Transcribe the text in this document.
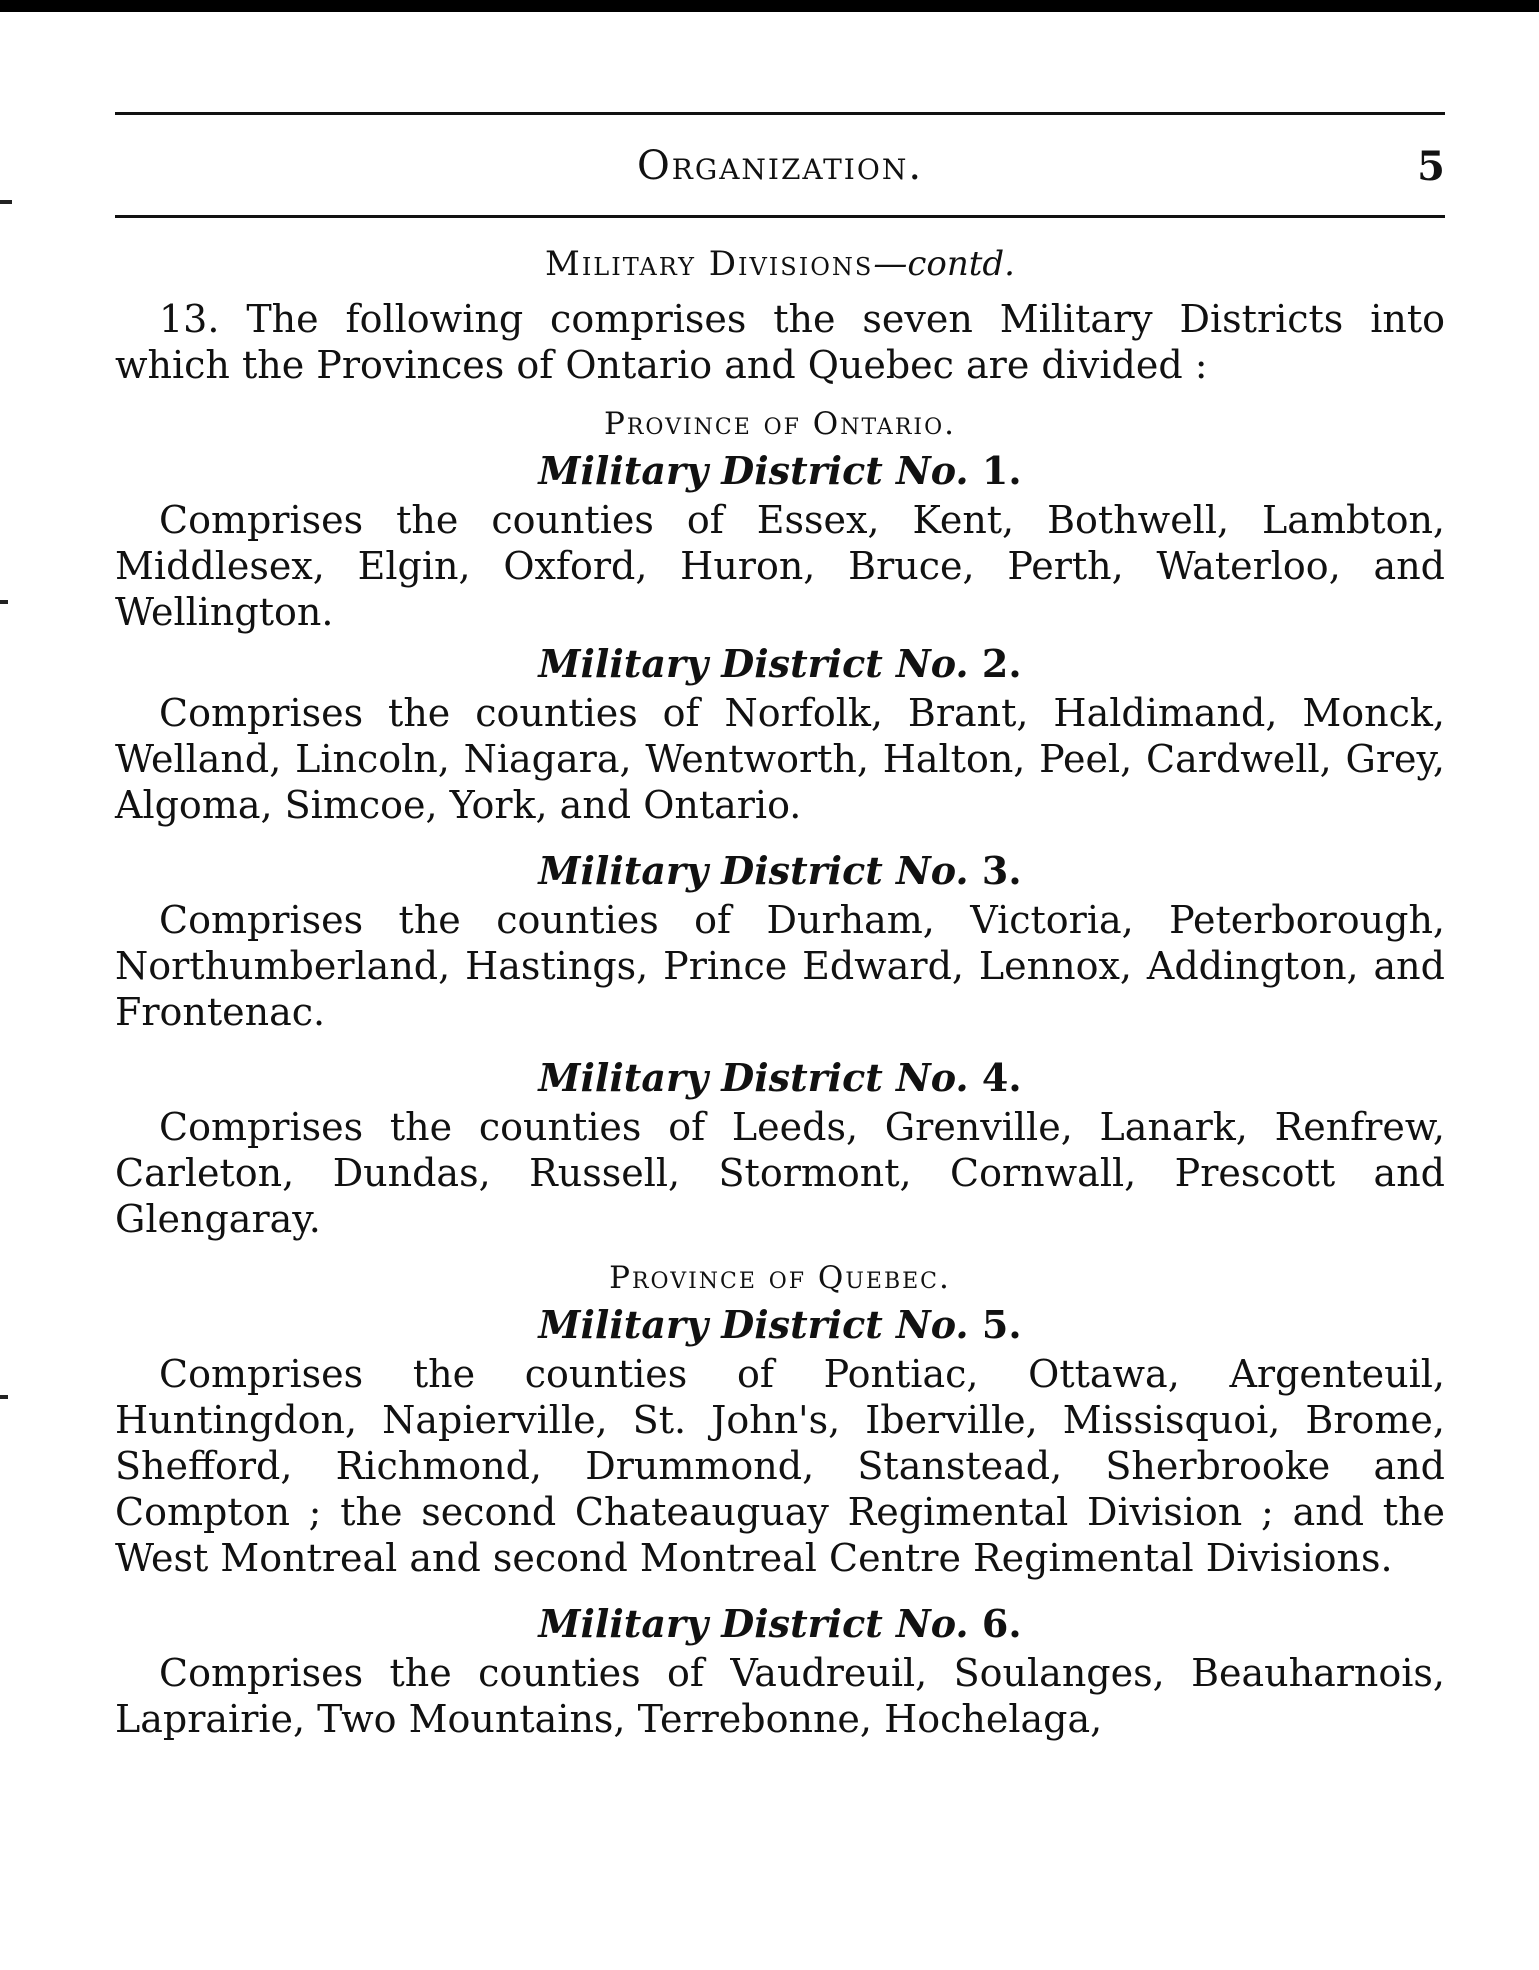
Organization.	5
Military Divisions—contd.

13. The following comprises the seven Military Districts into which the Provinces of Ontario and Quebec are divided :

Province of Ontario.
Military District No. 1.

Comprises the counties of Essex, Kent, Bothwell, Lambton, Middlesex, Elgin, Oxford, Huron, Bruce, Perth, Waterloo, and Wellington.

Military District No. 2.

Comprises the counties of Norfolk, Brant, Haldimand, Monck, Welland, Lincoln, Niagara, Wentworth, Halton, Peel, Cardwell, Grey, Algoma, Simcoe, York, and Ontario.

Military District No. 3.

Comprises the counties of Durham, Victoria, Peterborough, Northumberland, Hastings, Prince Edward, Lennox, Addington, and Frontenac.

Military District No. 4.

Comprises the counties of Leeds, Grenville, Lanark, Renfrew, Carleton, Dundas, Russell, Stormont, Cornwall, Prescott and Glengaray.

Province of Quebec.
Military District No. 5.

Comprises the counties of Pontiac, Ottawa, Argenteuil, Huntingdon, Napierville, St. John's, Iberville, Missisquoi, Brome, Shefford, Richmond, Drummond, Stanstead, Sherbrooke and Compton ; the second Chateauguay Regimental Division ; and the West Montreal and second Montreal Centre Regimental Divisions.

Military District No. 6.

Comprises the counties of Vaudreuil, Soulanges, Beauharnois, Laprairie, Two Mountains, Terrebonne, Hochelaga,
